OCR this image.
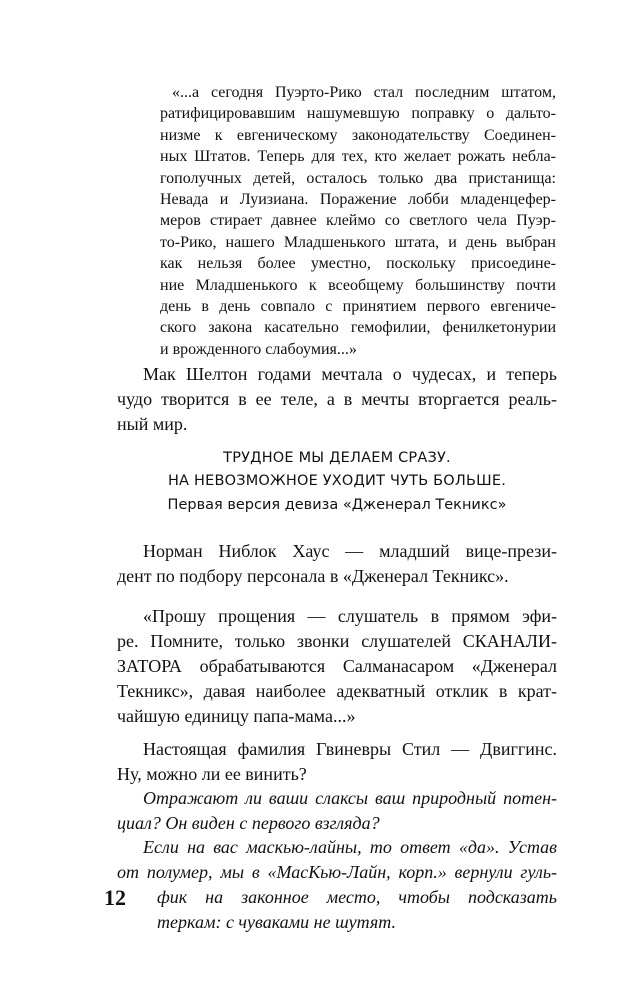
«...а сегодня Пуэрто-Рико стал последним штатом,
ратифицировавшим нашумевшую поправку о дальто-
низме к евгеническому законодательству Соединен-
ных Штатов. Теперь для тех, кто желает рожать небла-
гополучных детей, осталось только два пристанища:
Невада и Луизиана. Поражение лобби младенцефер-
меров стирает давнее клеймо со светлого чела Пуэр-
то-Рико, нашего Младшенького штата, и день выбран
как нельзя более уместно, поскольку присоедине-
ние Младшенького к всеобщему большинству почти
день в день совпало с принятием первого евгениче-
ского закона касательно гемофилии, фенилкетонурии
и врожденного слабоумия...»
Мак Шелтон годами мечтала о чудесах, и теперь
чудо творится в ее теле, а в мечты вторгается реаль-
ный мир.
ТРУДНОЕ МЫ ДЕЛАЕМ СРАЗУ.
НА НЕВОЗМОЖНОЕ УХОДИТ ЧУТЬ БОЛЬШЕ.
Первая версия девиза «Дженерал Текникс»
Норман Ниблок Хаус — младший вице-прези-
дент по подбору персонала в «Дженерал Текникс».
«Прошу прощения — слушатель в прямом эфи-
ре. Помните, только звонки слушателей СКАНАЛИ-
ЗАТОРА обрабатываются Салманасаром «Дженерал
Текникс», давая наиболее адекватный отклик в крат-
чайшую единицу папа-мама...»
Настоящая фамилия Гвиневры Стил — Двиггинс.
Ну, можно ли ее винить?
Отражают ли ваши слаксы ваш природный потен-
циал? Он виден с первого взгляда?
Если на вас маскью-лайны, то ответ «да». Устав
от полумер, мы в «МасКью-Лайн, корп.» вернули гуль-
фик на законное место, чтобы подсказать
теркам: с чуваками не шутят.
12
